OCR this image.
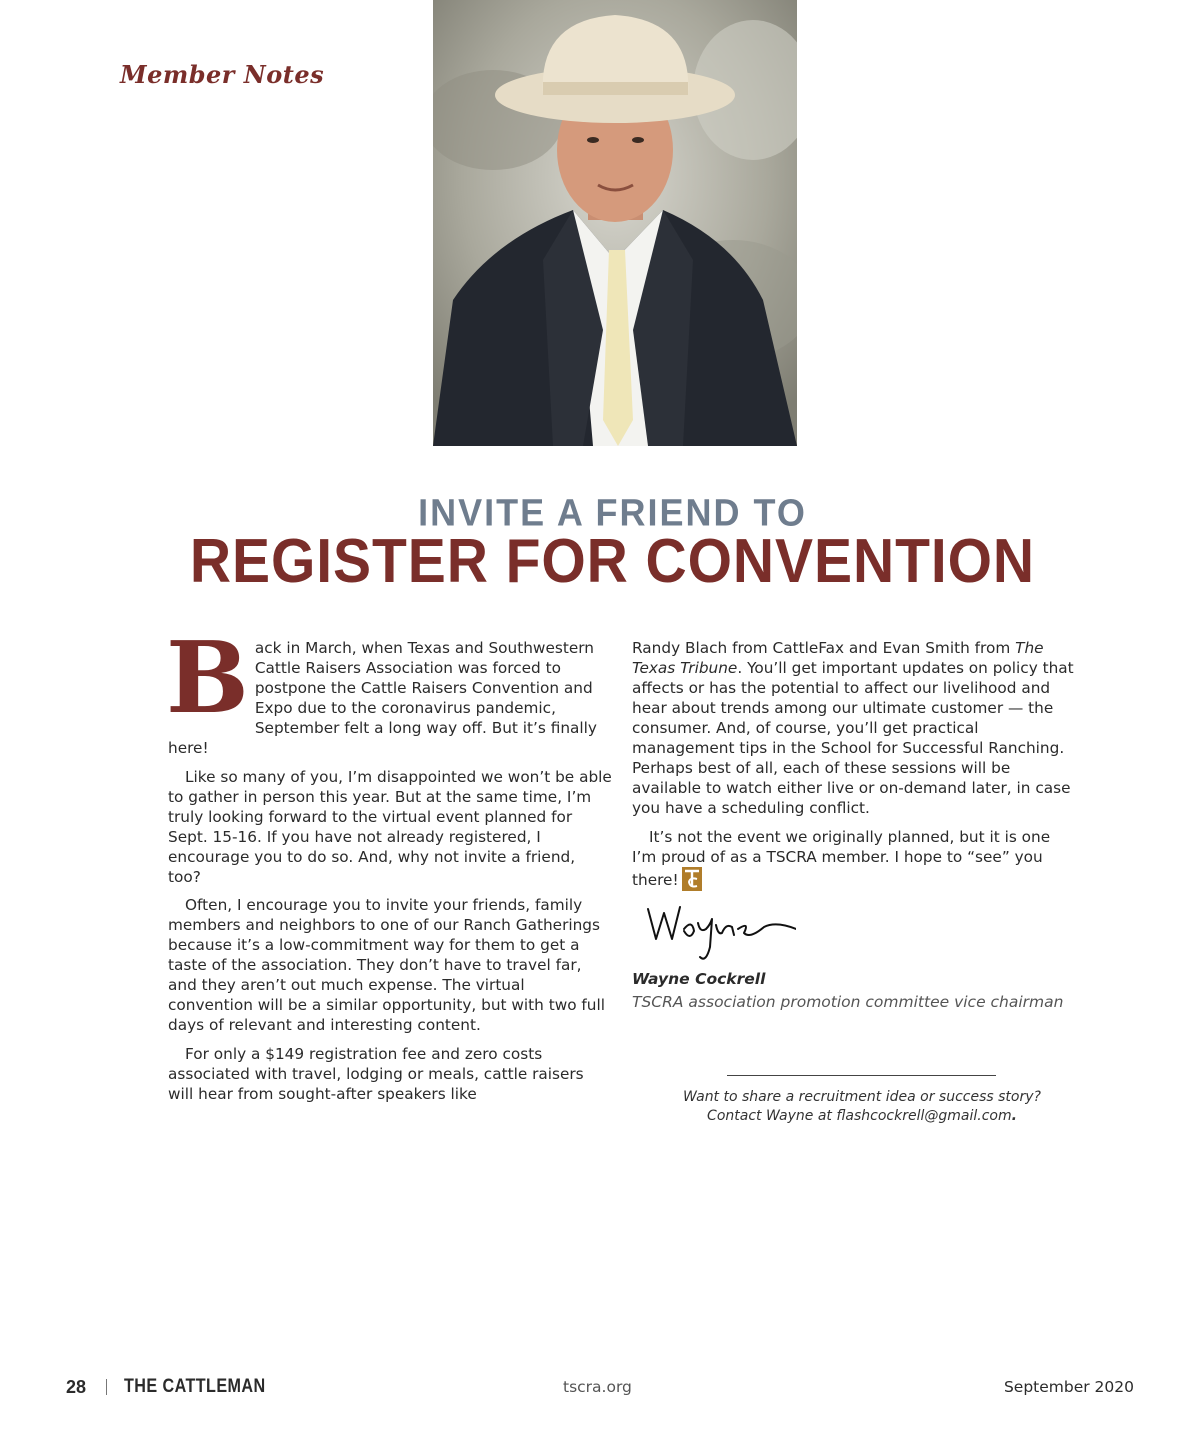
Member Notes
INVITE A FRIEND TO
REGISTER FOR CONVENTION

Back in March, when Texas and Southwestern Cattle Raisers Association was forced to postpone the Cattle Raisers Convention and Expo due to the coronavirus pandemic, September felt a long way off. But it’s finally here!

Like so many of you, I’m disappointed we won’t be able to gather in person this year. But at the same time, I’m truly looking forward to the virtual event planned for Sept. 15-16. If you have not already registered, I encourage you to do so. And, why not invite a friend, too?

Often, I encourage you to invite your friends, family members and neighbors to one of our Ranch Gatherings because it’s a low-commitment way for them to get a taste of the association. They don’t have to travel far, and they aren’t out much expense. The virtual convention will be a similar opportunity, but with two full days of relevant and interesting content.

For only a $149 registration fee and zero costs associated with travel, lodging or meals, cattle raisers will hear from sought-after speakers like

Randy Blach from CattleFax and Evan Smith from The Texas Tribune. You’ll get important updates on policy that affects or has the potential to affect our livelihood and hear about trends among our ultimate customer — the consumer. And, of course, you’ll get practical management tips in the School for Successful Ranching. Perhaps best of all, each of these sessions will be available to watch either live or on-demand later, in case you have a scheduling conflict.

It’s not the event we originally planned, but it is one I’m proud of as a TSCRA member. I hope to “see” you there!

Wayne Cockrell
TSCRA association promotion committee vice chairman
Want to share a recruitment idea or success story?
Contact Wayne at flashcockrell@gmail.com.
28 THE CATTLEMAN	tscra.org	September 2020
